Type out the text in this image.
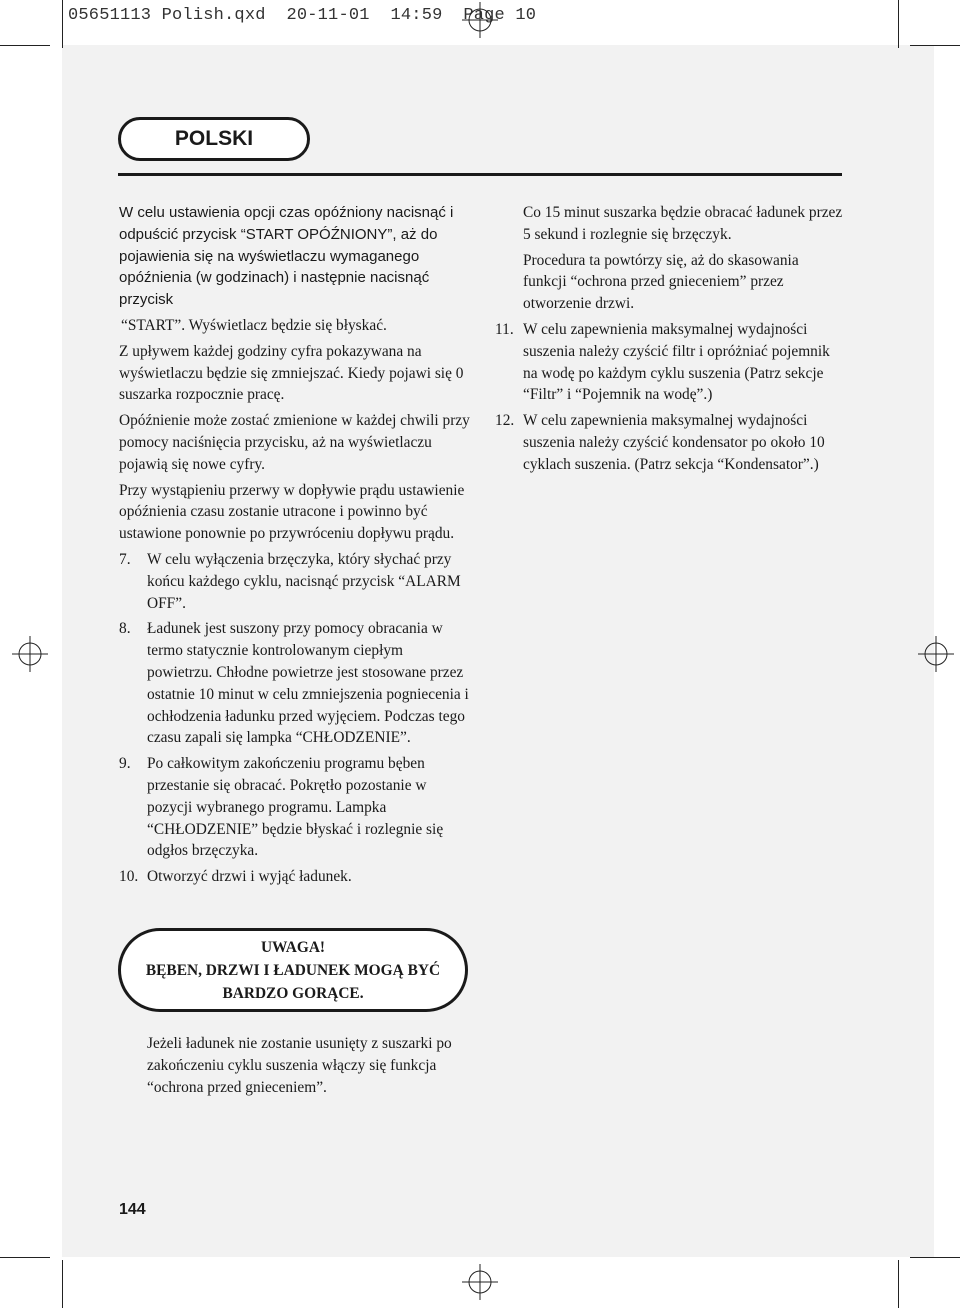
05651113 Polish.qxd 20-11-01 14:59 Page 10
POLSKI

W celu ustawienia opcji czas opóźniony nacisnąć i odpuścić przycisk “START OPÓŹNIONY”, aż do pojawienia się na wyświetlaczu wymaganego opóźnienia (w godzinach) i następnie nacisnąć przycisk

“START”. Wyświetlacz będzie się błyskać.

Z upływem każdej godziny cyfra pokazywana na wyświetlaczu będzie się zmniejszać. Kiedy pojawi się 0 suszarka rozpocznie pracę.

Opóźnienie może zostać zmienione w każdej chwili przy pomocy naciśnięcia przycisku, aż na wyświetlaczu pojawią się nowe cyfry.

Przy wystąpieniu przerwy w dopływie prądu ustawienie opóźnienia czasu zostanie utracone i powinno być ustawione ponownie po przywróceniu dopływu prądu.

7.	W celu wyłączenia brzęczyka, który słychać przy końcu każdego cyklu, nacisnąć przycisk “ALARM OFF”.
8.	Ładunek jest suszony przy pomocy obracania w termo statycznie kontrolowanym ciepłym powietrzu. Chłodne powietrze jest stosowane przez ostatnie 10 minut w celu zmniejszenia pogniecenia i ochłodzenia ładunku przed wyjęciem. Podczas tego czasu zapali się lampka “CHŁODZENIE”.
9.	Po całkowitym zakończeniu programu bęben przestanie się obracać. Pokrętło pozostanie w pozycji wybranego programu. Lampka “CHŁODZENIE” będzie błyskać i rozlegnie się odgłos brzęczyka.
10. Otworzyć drzwi i wyjąć ładunek.
UWAGA!
BĘBEN, DRZWI I ŁADUNEK MOGĄ BYĆ
BARDZO GORĄCE.
Jeżeli ładunek nie zostanie usunięty z suszarki po zakończeniu cyklu suszenia włączy się funkcja “ochrona przed gnieceniem”.

Co 15 minut suszarka będzie obracać ładunek przez 5 sekund i rozlegnie się brzęczyk.

Procedura ta powtórzy się, aż do skasowania funkcji “ochrona przed gnieceniem” przez otworzenie drzwi.

11. W celu zapewnienia maksymalnej wydajności suszenia należy czyścić filtr i opróżniać pojemnik na wodę po każdym cyklu suszenia (Patrz sekcje “Filtr” i “Pojemnik na wodę”.)
12. W celu zapewnienia maksymalnej wydajności suszenia należy czyścić kondensator po około 10 cyklach suszenia. (Patrz sekcja “Kondensator”.)
144
